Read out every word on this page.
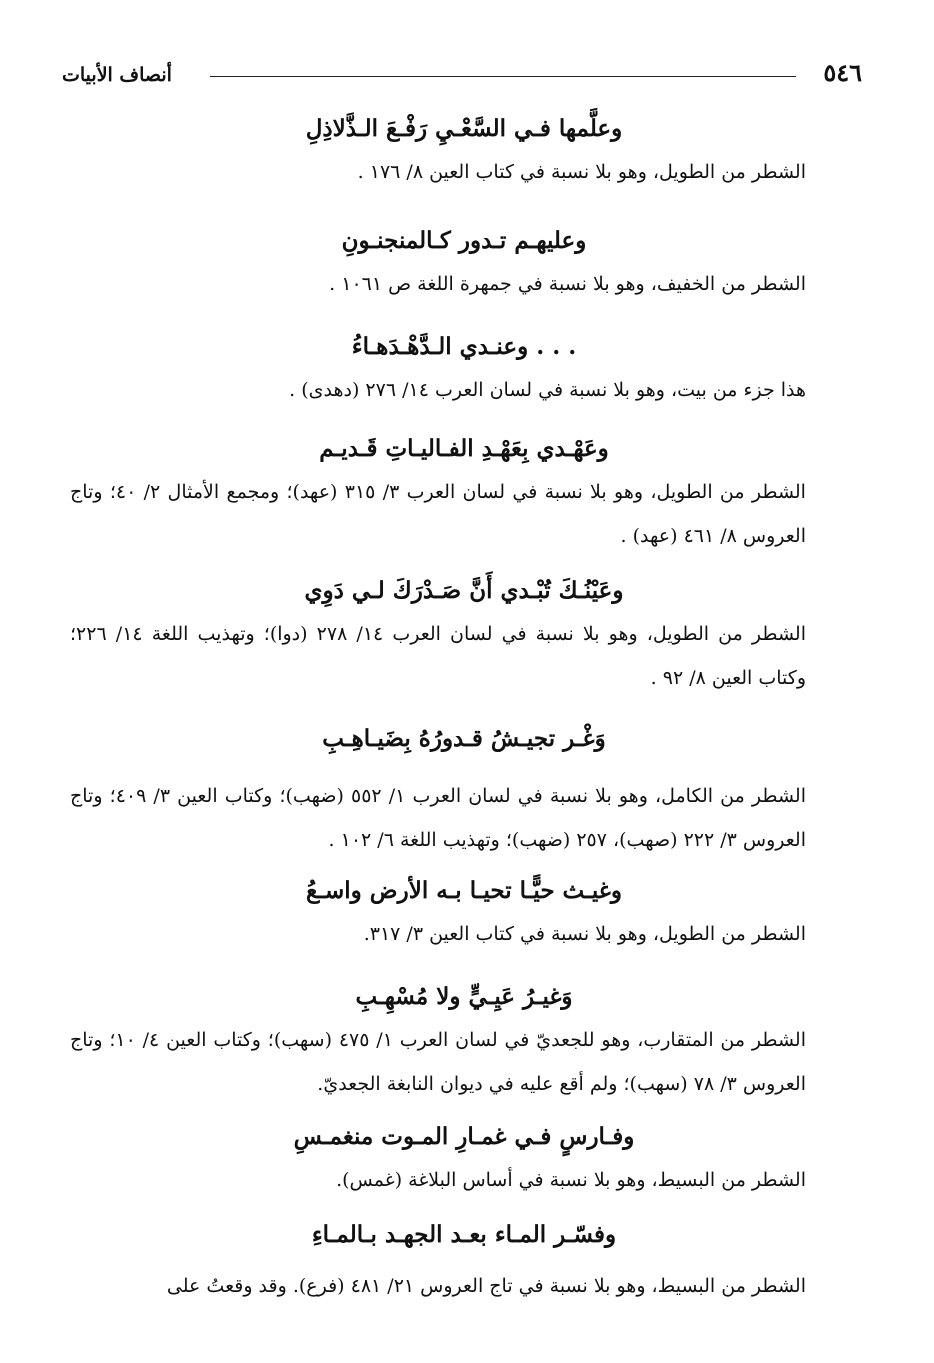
٥٤٦
أنصاف الأبيات
وعلَّمها فـي السَّعْـيِ رَفْـعَ الـذَّلاذِلِ
الشطر من الطويل، وهو بلا نسبة في كتاب العين ٨/ ١٧٦ .
وعليهـم تـدور كـالمنجنـونِ
الشطر من الخفيف، وهو بلا نسبة في جمهرة اللغة ص ١٠٦١ .
. . . وعنـدي الـدَّهْـدَهـاءُ
هذا جزء من بيت، وهو بلا نسبة في لسان العرب ١٤/ ٢٧٦ (دهدى) .
وعَهْـدي بِعَهْـدِ الفـاليـاتِ قَـديـم
الشطر من الطويل، وهو بلا نسبة في لسان العرب ٣/ ٣١٥ (عهد)؛ ومجمع الأمثال ٢/ ٤٠؛ وتاج العروس ٨/ ٤٦١ (عهد) .
وعَيْنُـكَ تُبْـدي أَنَّ صَـدْرَكَ لـي دَوِي
الشطر من الطويل، وهو بلا نسبة في لسان العرب ١٤/ ٢٧٨ (دوا)؛ وتهذيب اللغة ١٤/ ٢٢٦؛ وكتاب العين ٨/ ٩٢ .
وَغْـر تجيـشُ قـدورُهُ بِضَيـاهِـبِ
الشطر من الكامل، وهو بلا نسبة في لسان العرب ١/ ٥٥٢ (ضهب)؛ وكتاب العين ٣/ ٤٠٩؛ وتاج العروس ٣/ ٢٢٢ (صهب)، ٢٥٧ (ضهب)؛ وتهذيب اللغة ٦/ ١٠٢ .
وغيـث حيًّـا تحيـا بـه الأرض واسـعُ
الشطر من الطويل، وهو بلا نسبة في كتاب العين ٣/ ٣١٧.
وَغيـرُ عَيِـيٍّ ولا مُسْهِـبِ
الشطر من المتقارب، وهو للجعديّ في لسان العرب ١/ ٤٧٥ (سهب)؛ وكتاب العين ٤/ ١٠؛ وتاج العروس ٣/ ٧٨ (سهب)؛ ولم أقع عليه في ديوان النابغة الجعديّ.
وفـارسٍ فـي غمـارِ المـوت منغمـسِ
الشطر من البسيط، وهو بلا نسبة في أساس البلاغة (غمس).
وفسّـر المـاء بعـد الجهـد بـالمـاءِ
الشطر من البسيط، وهو بلا نسبة في تاج العروس ٢١/ ٤٨١ (فرع). وقد وقعتُ على
